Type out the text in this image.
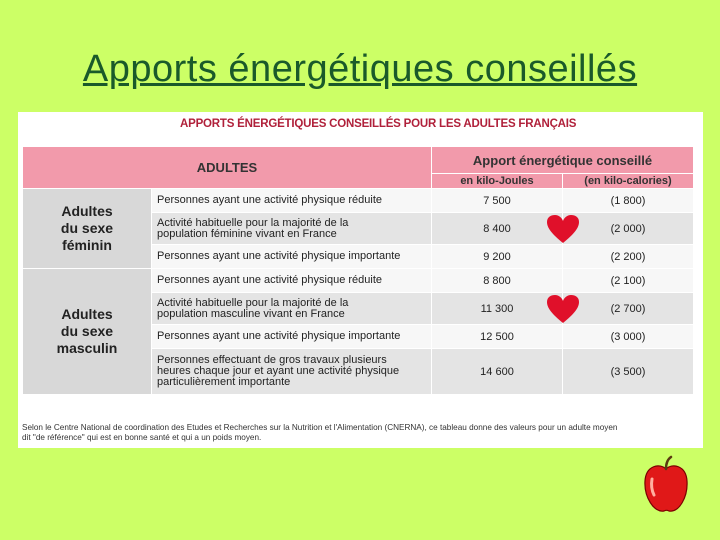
Apports énergétiques conseillés
APPORTS ÉNERGÉTIQUES CONSEILLÉS POUR LES ADULTES FRANÇAIS
ADULTES		Apport énergétique conseillé	
		en kilo-Joules	(en kilo-calories)

Adultes
du sexe
féminin	Personnes ayant une activité physique réduite	7 500	(1 800)

	Activité habituelle pour la majorité de la
population féminine vivant en France	8 400	(2 000)

	Personnes ayant une activité physique importante	9 200	(2 200)

Adultes
du sexe
masculin	Personnes ayant une activité physique réduite	8 800	(2 100)

	Activité habituelle pour la majorité de la
population masculine vivant en France	11 300	(2 700)

	Personnes ayant une activité physique importante	12 500	(3 000)

	Personnes effectuant de gros travaux plusieurs
heures chaque jour et ayant une activité physique
particulièrement importante	14 600	(3 500)
Selon le Centre National de coordination des Etudes et Recherches sur la Nutrition et l'Alimentation (CNERNA), ce tableau donne des valeurs pour un adulte moyen
dit "de référence" qui est en bonne santé et qui a un poids moyen.
